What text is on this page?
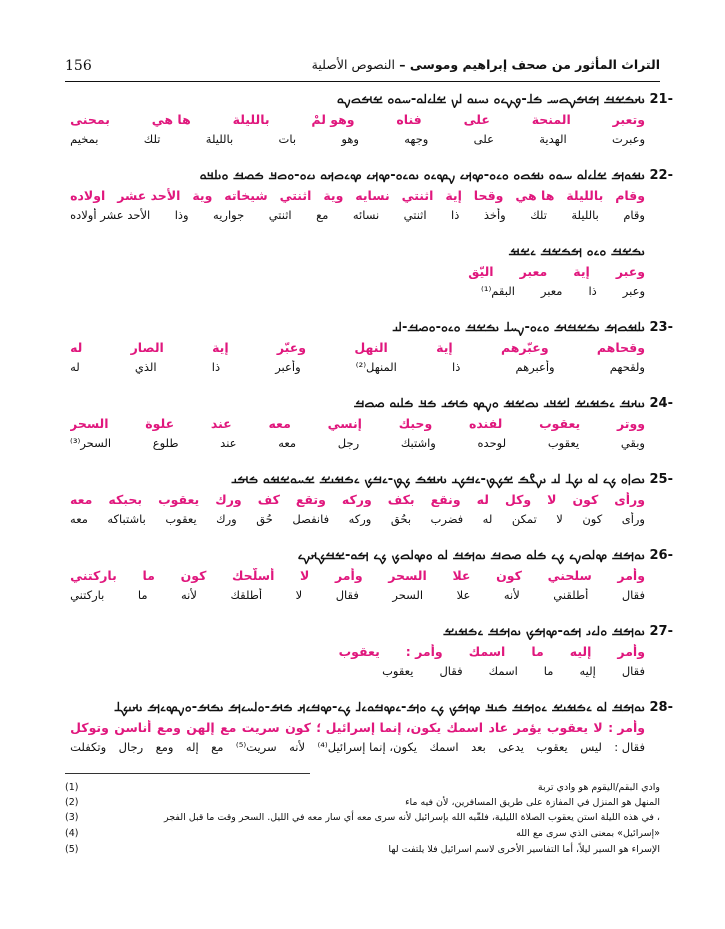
156	التراث المأثور من صحف إبراهيم وموسى – النصوص الأصلية
21-
ࡅࡕࡏࡁࡓ ࡌࡌࡍࡇࡄ ࡏࡋ-ࡐࡍࡉࡀ ࡅࡄࡅࡀ ࡋࡍ ࡁࡋࡉࡋࡀ-ࡄࡀࡀ ࡁࡌࡇࡍࡀ
وتعبر
المنحة
على
فناه
وهو لمْ
بالليلة
ها هي
بمحنى
وعبرت
الهدية
على
وجهه
وهو
بات
بالليلة
تلك
بمخيم
22-
ࡅࡒࡀࡌ ࡁࡋࡉࡋࡀ ࡄࡀࡀ ࡅࡒࡇࡀ ࡀࡉࡀ-ࡔࡕࡉ ࡍࡔࡉࡀ ࡅࡀࡉࡀ-ࡔࡕࡉ ࡔࡉࡇࡕࡀ ࡅࡉࡀ-ࡀࡇࡃ ࡏࡎࡓ ࡀࡅࡋࡃࡀ
وقام
بالليلة
ها هي
وقحا
إية
اثنتي
نسايه
وية
اثنتي
شيخاته
وية
الأحد عشر
اولاده
وقام
بالليلة
تلك
وأخذ
ذا
اثنتي
نسائه
مع
اثنتي
جواريه
وذا
الأحد عشر أولاده
ࡅࡏࡁࡓ ࡀࡉࡀ ࡌࡏࡁࡓ ࡉࡁࡒ
وعبر
إية
معبر
اليّق
وعبر
ذا
معبر
البقم⁽¹⁾
23-
ࡅࡋࡒࡇࡌ ࡅࡏࡁࡓࡌ ࡀࡉࡀ-ࡍࡄࡋ ࡅࡏࡁࡓ ࡀࡉࡀ-ࡀࡎࡓ-ࡋࡅ
وقحاهم
وعبّرهم
إية
النهل
وعبّر
إية
الصار
له
ولقحهم
وأعبرهم
ذا
المنهل⁽²⁾
وأعبر
ذا
الذي
له
24-
ࡅࡅࡕࡓ ࡉࡏࡒࡅࡁ ࡋࡁࡃࡅ ࡅࡇࡁࡒ ࡀࡍࡔ ࡏࡌࡅ ࡏࡃ ࡏࡋࡅࡀ ࡎࡇࡓ
ووتر
يعقوب
لفنده
وحبك
إنسي
معه
عند
علوة
السحر
وبقي
يعقوب
لوحده
واشتبك
رجل
معه
عند
طلوع
السحر⁽³⁾
25-
ࡅࡇࡆࡀ ࡊࡉ ࡋࡀ ࡅࡊࡋ ࡋࡅ ࡅࡍࡂࡏ ࡁࡊࡐ-ࡉࡓࡊࡅ ࡅࡕࡒࡏ ࡊࡐ-ࡉࡓࡊ ࡉࡏࡒࡅࡁ ࡁࡄࡀࡁࡒࡀ ࡏࡌࡅ
ورأى
كون
لا
وكل
له
ونقع
بكف
وركه
وتقع
كف
ورك
يعقوب
بحبكه
معه
ورأى
كون
لا
تمكن
له
فضرب
بحُق
وركه
فانفصل
حُق
ورك
يعقوب
باشتباكه
معه
26-
ࡅࡀࡌࡓ ࡔࡋࡇࡍࡉ ࡊࡉ ࡏࡋࡀ ࡎࡇࡓ ࡅࡀࡌࡓ ࡋࡀ ࡀࡔࡋࡇࡊ ࡊࡉ ࡌࡀ-ࡁࡓࡊࡕࡍࡉ
وأمر
سلحني
كون
علا
السحر
وأمر
لا
أسلّحك
كون
ما
باركتني
فقال
أطلقني
لأنه
علا
السحر
فقال
لا
أطلقك
لأنه
ما
باركتني
27-
ࡅࡀࡌࡓ ࡀࡋࡉࡅ ࡌࡀ-ࡔࡌࡊ ࡅࡀࡌࡓ ࡉࡏࡒࡅࡁ
وأمر
إليه
ما
اسمك
وأمر :
يعقوب
فقال
إليه
ما
اسمك
فقال
يعقوب
28-
ࡅࡀࡌࡓ ࡋࡀ ࡉࡏࡒࡅࡁ ࡉࡀࡌࡓ ࡏࡅࡃ ࡔࡌࡊ ࡊࡉ ࡀࡌ-ࡉࡔࡓࡀࡉࡋ ࡊࡉ-ࡔࡓࡉࡕ ࡏࡌ-ࡀࡋࡄࡉࡌ ࡅࡏࡌ-ࡀࡍࡔࡉࡌ ࡅࡕࡅࡊࡋ
وأمر :
لا
يعقوب
يؤمر
عاد
اسمك
يكون، إنما إسرائيل ؛
كون
سريت
مع
إلهن
ومع
أناسن
وتوكل
فقال :
ليس
يعقوب
يدعى
بعد
اسمك
يكون، إنما إسرائيل⁽⁴⁾
لأنه
سريت⁽⁵⁾
مع
إله
ومع
رجال
وتكفلت
(1)	وادي البقم/اليقوم هو وادي تربة
(2)	المنهل هو المنزل في المفازة على طريق المسافرين، لأن فيه ماء
(3)	، في هذه الليلة استن يعقوب الصلاة الليلية، فلقّبه الله بإسرائيل لأنه سرى معه أي سار معه في الليل. السحر وقت ما قبل الفجر
(4)	«إسرائيل» بمعنى الذي سرى مع الله
(5)	الإسراء هو السير ليلاً، أما التفاسير الأخرى لاسم اسرائيل فلا يلتفت لها
